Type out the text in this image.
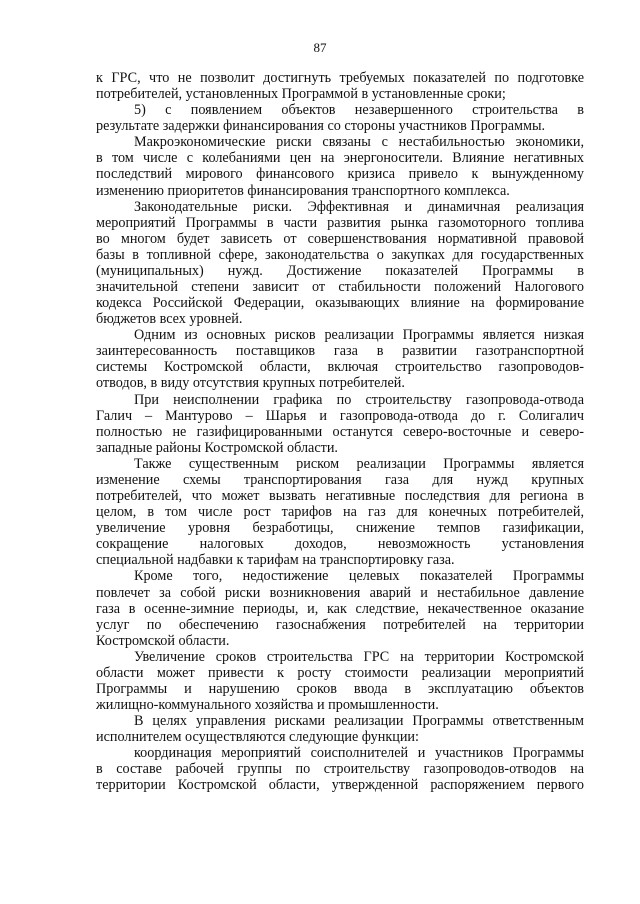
87
к ГРС, что не позволит достигнуть требуемых показателей по подготовке
потребителей, установленных Программой в установленные сроки;
5) с появлением объектов незавершенного строительства в
результате задержки финансирования со стороны участников Программы.
Макроэкономические риски связаны с нестабильностью экономики,
в том числе с колебаниями цен на энергоносители. Влияние негативных
последствий мирового финансового кризиса привело к вынужденному
изменению приоритетов финансирования транспортного комплекса.
Законодательные риски. Эффективная и динамичная реализация
мероприятий Программы в части развития рынка газомоторного топлива
во многом будет зависеть от совершенствования нормативной правовой
базы в топливной сфере, законодательства о закупках для государственных
(муниципальных) нужд. Достижение показателей Программы в
значительной степени зависит от стабильности положений Налогового
кодекса Российской Федерации, оказывающих влияние на формирование
бюджетов всех уровней.
Одним из основных рисков реализации Программы является низкая
заинтересованность поставщиков газа в развитии газотранспортной
системы Костромской области, включая строительство газопроводов-
отводов, в виду отсутствия крупных потребителей.
При неисполнении графика по строительству газопровода-отвода
Галич – Мантурово – Шарья и газопровода-отвода до г. Солигалич
полностью не газифицированными останутся северо-восточные и северо-
западные районы Костромской области.
Также существенным риском реализации Программы является
изменение схемы транспортирования газа для нужд крупных
потребителей, что может вызвать негативные последствия для региона в
целом, в том числе рост тарифов на газ для конечных потребителей,
увеличение уровня безработицы, снижение темпов газификации,
сокращение налоговых доходов, невозможность установления
специальной надбавки к тарифам на транспортировку газа.
Кроме того, недостижение целевых показателей Программы
повлечет за собой риски возникновения аварий и нестабильное давление
газа в осенне-зимние периоды, и, как следствие, некачественное оказание
услуг по обеспечению газоснабжения потребителей на территории
Костромской области.
Увеличение сроков строительства ГРС на территории Костромской
области может привести к росту стоимости реализации мероприятий
Программы и нарушению сроков ввода в эксплуатацию объектов
жилищно-коммунального хозяйства и промышленности.
В целях управления рисками реализации Программы ответственным
исполнителем осуществляются следующие функции:
координация мероприятий соисполнителей и участников Программы
в составе рабочей группы по строительству газопроводов-отводов на
территории Костромской области, утвержденной распоряжением первого
